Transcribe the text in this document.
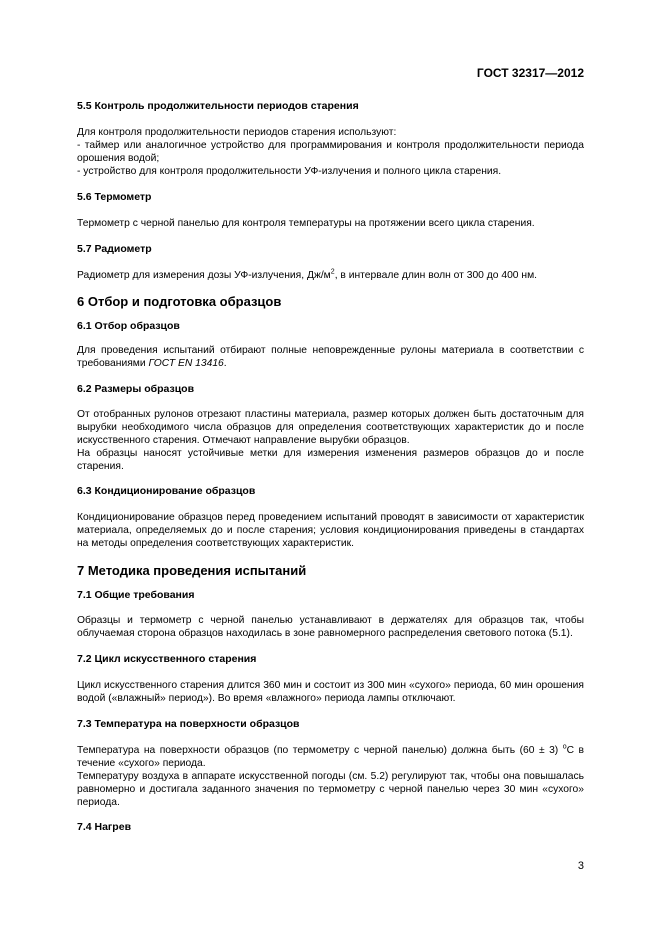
ГОСТ 32317—2012
5.5 Контроль продолжительности периодов старения

Для контроля продолжительности периодов старения используют:

- таймер или аналогичное устройство для программирования и контроля продолжительности периода орошения водой;

- устройство для контроля продолжительности УФ-излучения и полного цикла старения.

5.6 Термометр

Термометр с черной панелью для контроля температуры на протяжении всего цикла старения.

5.7 Радиометр

Радиометр для измерения дозы УФ-излучения, $Дж/м^2$, в интервале длин волн от 300 до 400 нм.

6 Отбор и подготовка образцов
6.1 Отбор образцов

Для проведения испытаний отбирают полные неповрежденные рулоны материала в соответствии с требованиями ГОСТ EN 13416.

6.2 Размеры образцов

От отобранных рулонов отрезают пластины материала, размер которых должен быть достаточным для вырубки необходимого числа образцов для определения соответствующих характеристик до и после искусственного старения. Отмечают направление вырубки образцов.

На образцы наносят устойчивые метки для измерения изменения размеров образцов до и после старения.

6.3 Кондиционирование образцов

Кондиционирование образцов перед проведением испытаний проводят в зависимости от характеристик материала, определяемых до и после старения; условия кондиционирования приведены в стандартах на методы определения соответствующих характеристик.

7 Методика проведения испытаний
7.1 Общие требования

Образцы и термометр с черной панелью устанавливают в держателях для образцов так, чтобы облучаемая сторона образцов находилась в зоне равномерного распределения светового потока (5.1).

7.2 Цикл искусственного старения

Цикл искусственного старения длится 360 мин и состоит из 300 мин «сухого» периода, 60 мин орошения водой («влажный» период»). Во время «влажного» периода лампы отключают.

7.3 Температура на поверхности образцов

Температура на поверхности образцов (по термометру с черной панелью) должна быть (60 ± 3) $^о$С в течение «сухого» периода.

Температуру воздуха в аппарате искусственной погоды (см. 5.2) регулируют так, чтобы она повышалась равномерно и достигала заданного значения по термометру с черной панелью через 30 мин «сухого» периода.

7.4 Нагрев
3
